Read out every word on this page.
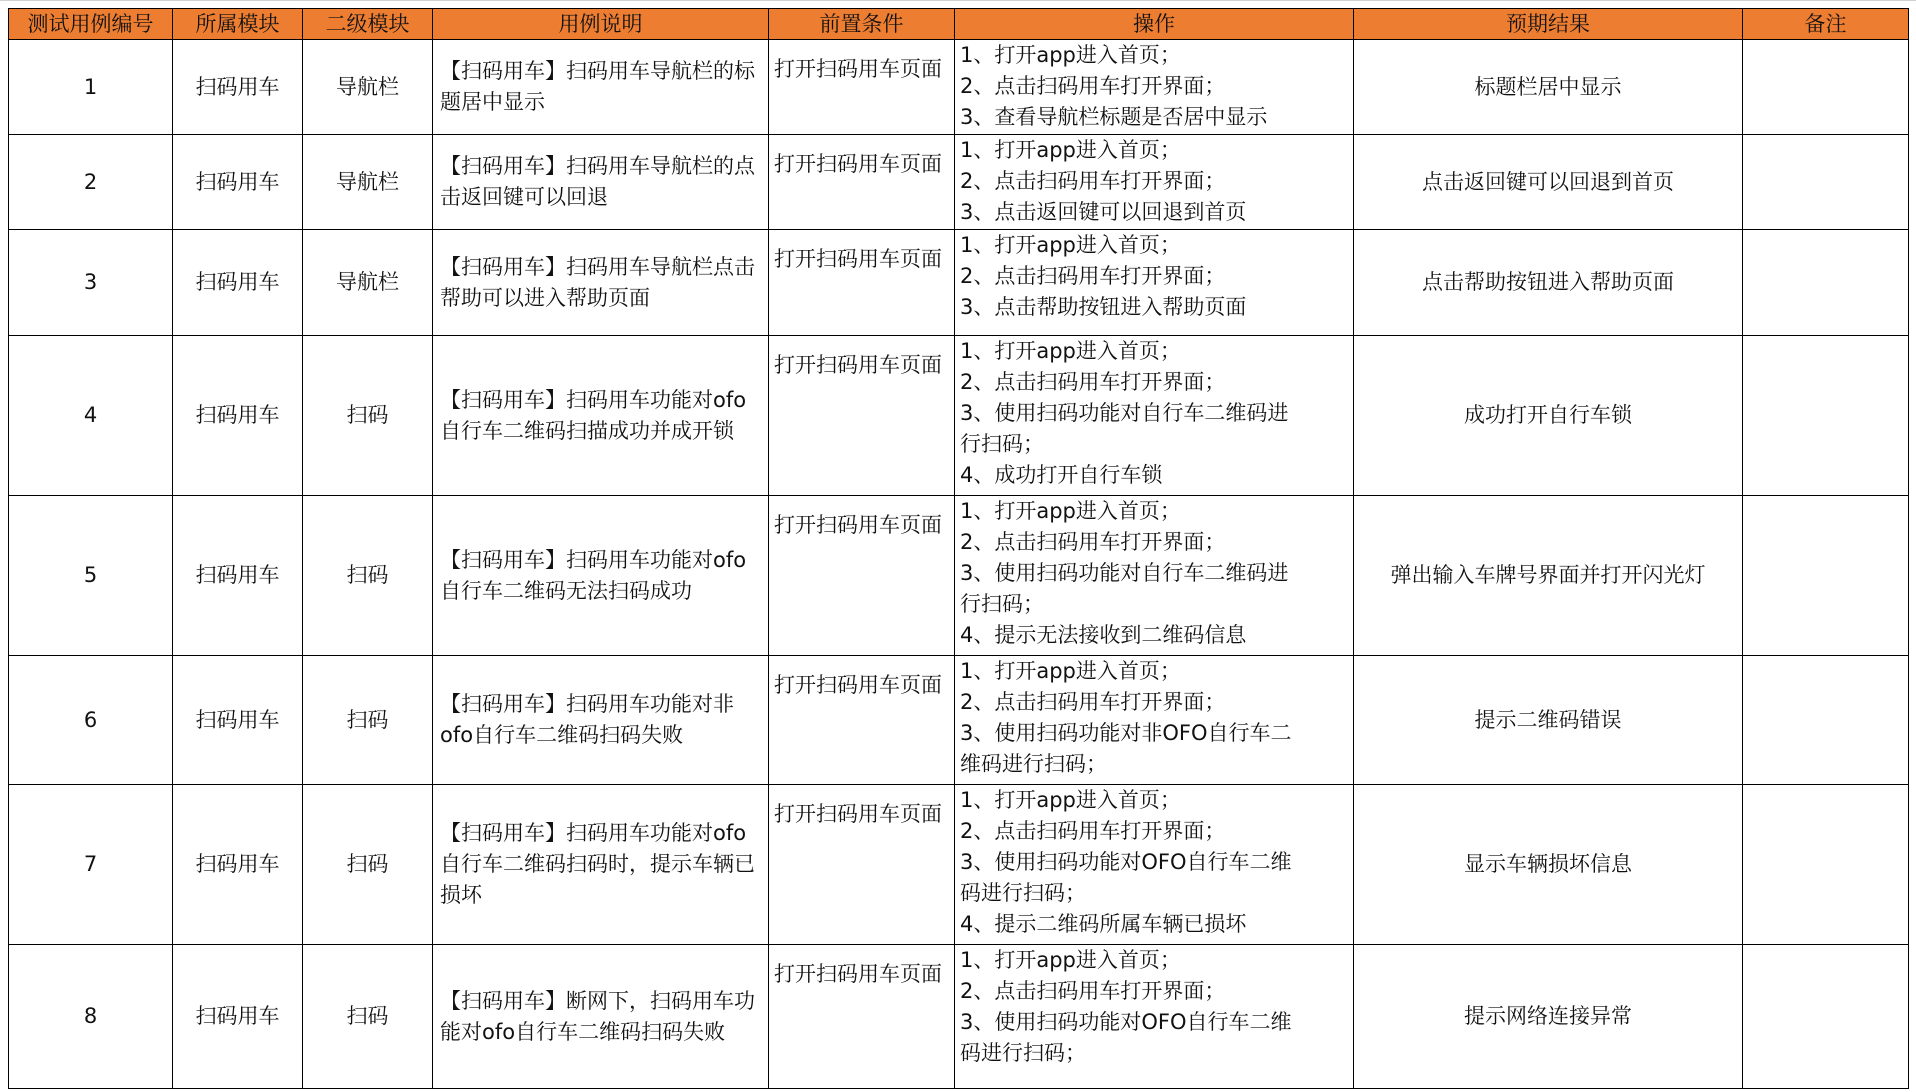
测试用例编号	所属模块	二级模块	用例说明	前置条件	操作	预期结果	备注
1	扫码用车	导航栏	【扫码用车】扫码用车导航栏的标题居中显示	打开扫码用车页面	1、打开app进入首页；
2、点击扫码用车打开界面；
3、查看导航栏标题是否居中显示	标题栏居中显示	
2	扫码用车	导航栏	【扫码用车】扫码用车导航栏的点击返回键可以回退	打开扫码用车页面	1、打开app进入首页；
2、点击扫码用车打开界面；
3、点击返回键可以回退到首页	点击返回键可以回退到首页	
3	扫码用车	导航栏	【扫码用车】扫码用车导航栏点击帮助可以进入帮助页面	打开扫码用车页面	1、打开app进入首页；
2、点击扫码用车打开界面；
3、点击帮助按钮进入帮助页面	点击帮助按钮进入帮助页面	
4	扫码用车	扫码	【扫码用车】扫码用车功能对ofo自行车二维码扫描成功并成开锁	打开扫码用车页面	1、打开app进入首页；
2、点击扫码用车打开界面；
3、使用扫码功能对自行车二维码进
行扫码；
4、成功打开自行车锁	成功打开自行车锁	
5	扫码用车	扫码	【扫码用车】扫码用车功能对ofo自行车二维码无法扫码成功	打开扫码用车页面	1、打开app进入首页；
2、点击扫码用车打开界面；
3、使用扫码功能对自行车二维码进
行扫码；
4、提示无法接收到二维码信息	弹出输入车牌号界面并打开闪光灯	
6	扫码用车	扫码	【扫码用车】扫码用车功能对非ofo自行车二维码扫码失败	打开扫码用车页面	1、打开app进入首页；
2、点击扫码用车打开界面；
3、使用扫码功能对非OFO自行车二
维码进行扫码；	提示二维码错误	
7	扫码用车	扫码	【扫码用车】扫码用车功能对ofo自行车二维码扫码时，提示车辆已损坏	打开扫码用车页面	1、打开app进入首页；
2、点击扫码用车打开界面；
3、使用扫码功能对OFO自行车二维
码进行扫码；
4、提示二维码所属车辆已损坏	显示车辆损坏信息	
8	扫码用车	扫码	【扫码用车】断网下，扫码用车功能对ofo自行车二维码扫码失败	打开扫码用车页面	1、打开app进入首页；
2、点击扫码用车打开界面；
3、使用扫码功能对OFO自行车二维
码进行扫码；	提示网络连接异常	
